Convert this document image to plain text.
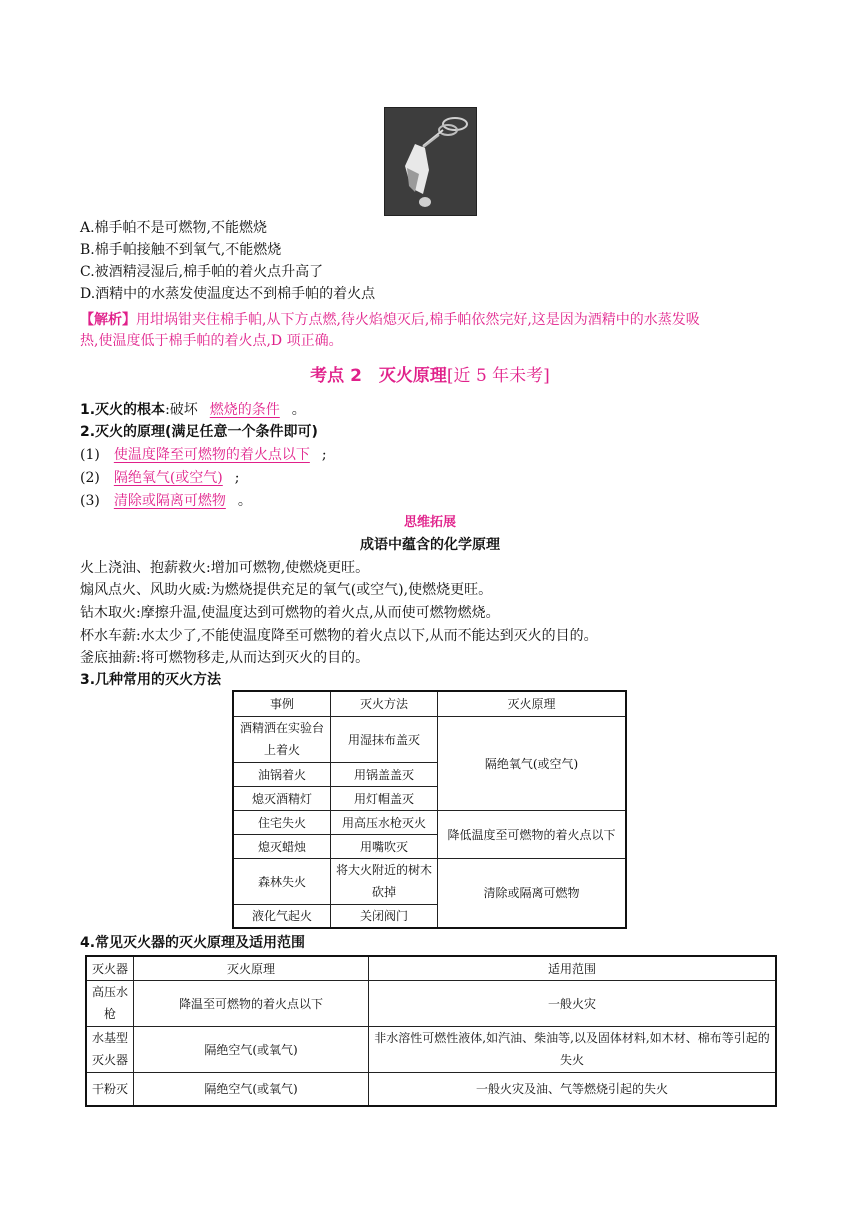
A.棉手帕不是可燃物,不能燃烧
B.棉手帕接触不到氧气,不能燃烧
C.被酒精浸湿后,棉手帕的着火点升高了
D.酒精中的水蒸发使温度达不到棉手帕的着火点
【解析】用坩埚钳夹住棉手帕,从下方点燃,待火焰熄灭后,棉手帕依然完好,这是因为酒精中的水蒸发吸
热,使温度低于棉手帕的着火点,D 项正确。
考点 2　灭火原理[近 5 年未考]
1.灭火的根本:破坏 燃烧的条件 。
2.灭火的原理(满足任意一个条件即可)
(1) 使温度降至可燃物的着火点以下 ;
(2) 隔绝氧气(或空气) ;
(3) 清除或隔离可燃物 。
思维拓展
成语中蕴含的化学原理
火上浇油、抱薪救火:增加可燃物,使燃烧更旺。
煽风点火、风助火威:为燃烧提供充足的氧气(或空气),使燃烧更旺。
钻木取火:摩擦升温,使温度达到可燃物的着火点,从而使可燃物燃烧。
杯水车薪:水太少了,不能使温度降至可燃物的着火点以下,从而不能达到灭火的目的。
釜底抽薪:将可燃物移走,从而达到灭火的目的。
3.几种常用的灭火方法
事例	灭火方法	灭火原理
酒精洒在实验台上着火	用湿抹布盖灭	隔绝氧气(或空气)
油锅着火	用锅盖盖灭	
熄灭酒精灯	用灯帽盖灭	
住宅失火	用高压水枪灭火	降低温度至可燃物的着火点以下
熄灭蜡烛	用嘴吹灭	
森林失火	将大火附近的树木砍掉	清除或隔离可燃物
液化气起火	关闭阀门	
4.常见灭火器的灭火原理及适用范围
灭火器	灭火原理	适用范围
高压水枪	降温至可燃物的着火点以下	一般火灾
水基型灭火器	隔绝空气(或氧气)	非水溶性可燃性液体,如汽油、柴油等,以及固体材料,如木材、棉布等引起的失火
干粉灭	隔绝空气(或氧气)	一般火灾及油、气等燃烧引起的失火
